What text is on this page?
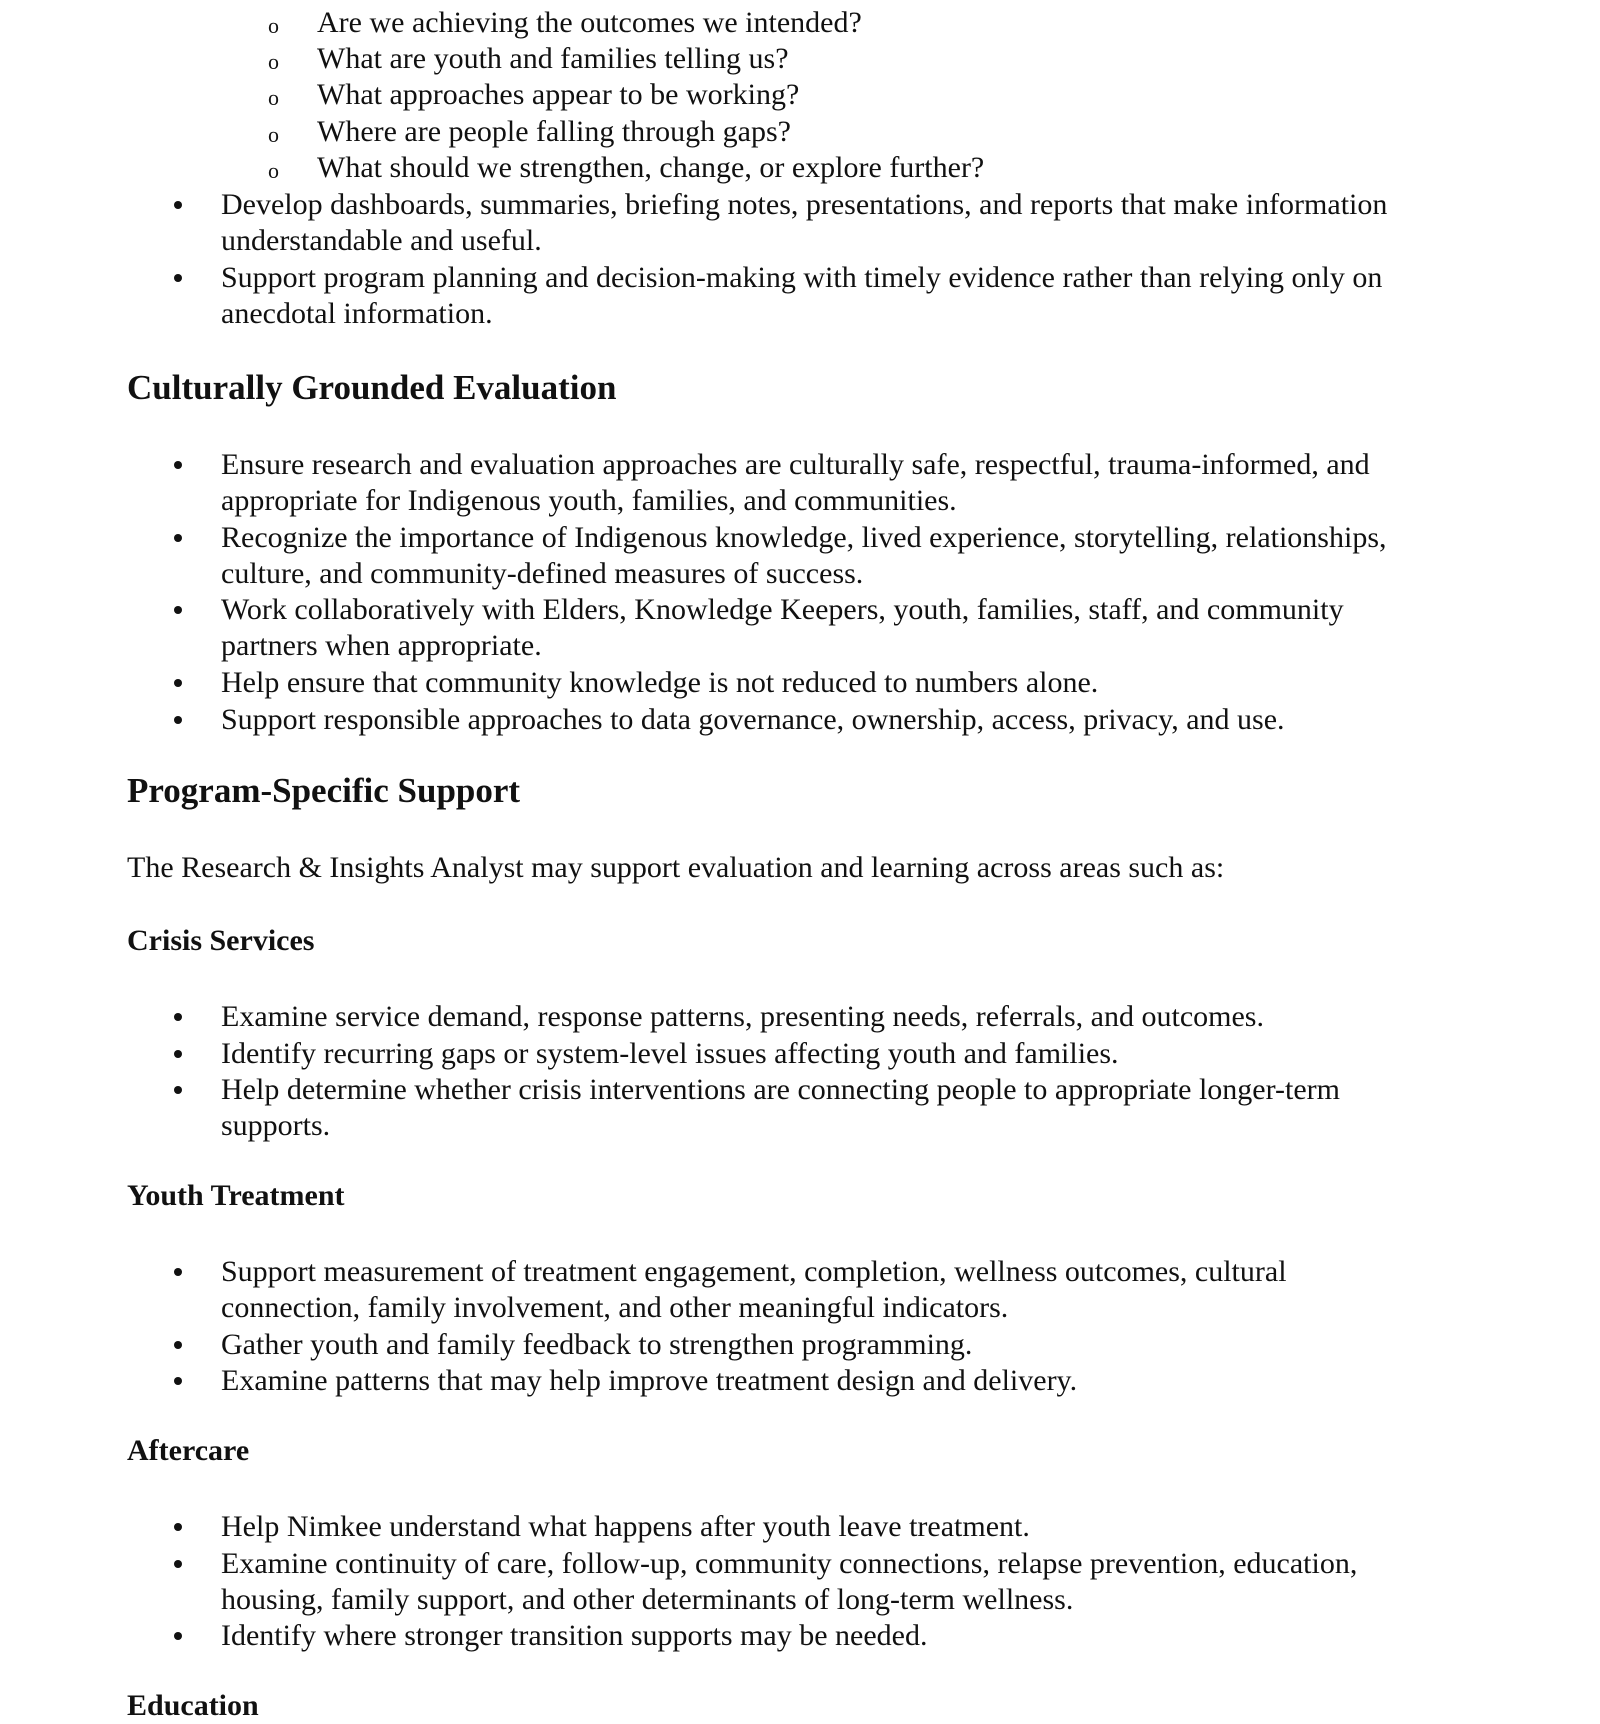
o Are we achieving the outcomes we intended?
o What are youth and families telling us?
o What approaches appear to be working?
o Where are people falling through gaps?
o What should we strengthen, change, or explore further?
Develop dashboards, summaries, briefing notes, presentations, and reports that make information
understandable and useful.
Support program planning and decision-making with timely evidence rather than relying only on
anecdotal information.
Culturally Grounded Evaluation
Ensure research and evaluation approaches are culturally safe, respectful, trauma-informed, and
appropriate for Indigenous youth, families, and communities.
Recognize the importance of Indigenous knowledge, lived experience, storytelling, relationships,
culture, and community-defined measures of success.
Work collaboratively with Elders, Knowledge Keepers, youth, families, staff, and community
partners when appropriate.
Help ensure that community knowledge is not reduced to numbers alone.
Support responsible approaches to data governance, ownership, access, privacy, and use.
Program-Specific Support
The Research & Insights Analyst may support evaluation and learning across areas such as:
Crisis Services
Examine service demand, response patterns, presenting needs, referrals, and outcomes.
Identify recurring gaps or system-level issues affecting youth and families.
Help determine whether crisis interventions are connecting people to appropriate longer-term
supports.
Youth Treatment
Support measurement of treatment engagement, completion, wellness outcomes, cultural
connection, family involvement, and other meaningful indicators.
Gather youth and family feedback to strengthen programming.
Examine patterns that may help improve treatment design and delivery.
Aftercare
Help Nimkee understand what happens after youth leave treatment.
Examine continuity of care, follow-up, community connections, relapse prevention, education,
housing, family support, and other determinants of long-term wellness.
Identify where stronger transition supports may be needed.
Education
